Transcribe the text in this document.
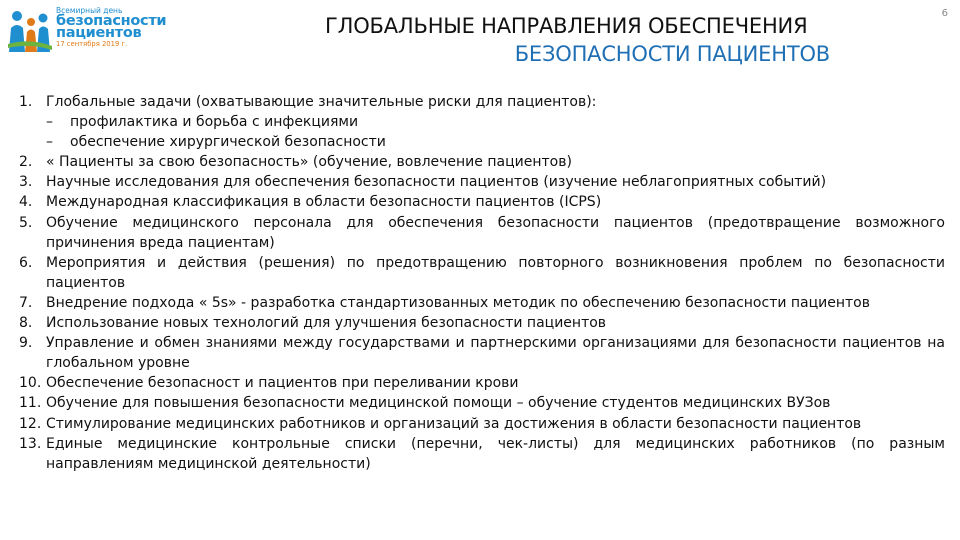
Всемирный день
безопасности
пациентов
17 сентября 2019 г.
6
ГЛОБАЛЬНЫЕ НАПРАВЛЕНИЯ ОБЕСПЕЧЕНИЯ
БЕЗОПАСНОСТИ ПАЦИЕНТОВ
1. Глобальные задачи (охватывающие значительные риски для пациентов):
–	профилактика и борьба с инфекциями
–	обеспечение хирургической безопасности
2. « Пациенты за свою безопасность» (обучение, вовлечение пациентов)
3. Научные исследования для обеспечения безопасности пациентов (изучение неблагоприятных событий)
4. Международная классификация в области безопасности пациентов (ICPS)
5. Обучение медицинского персонала для обеспечения безопасности пациентов (предотвращение возможного причинения вреда пациентам)
6. Мероприятия и действия (решения) по предотвращению повторного возникновения проблем по безопасности пациентов
7. Внедрение подхода « 5s» - разработка стандартизованных методик по обеспечению безопасности пациентов
8. Использование новых технологий для улучшения безопасности пациентов
9. Управление и обмен знаниями между государствами и партнерскими организациями для безопасности пациентов на глобальном уровне
10. Обеспечение безопасност и пациентов при переливании крови
11. Обучение для повышения безопасности медицинской помощи – обучение студентов медицинских ВУЗов
12. Стимулирование медицинских работников и организаций за достижения в области безопасности пациентов
13. Единые медицинские контрольные списки (перечни, чек-листы) для медицинских работников (по разным направлениям медицинской деятельности)
